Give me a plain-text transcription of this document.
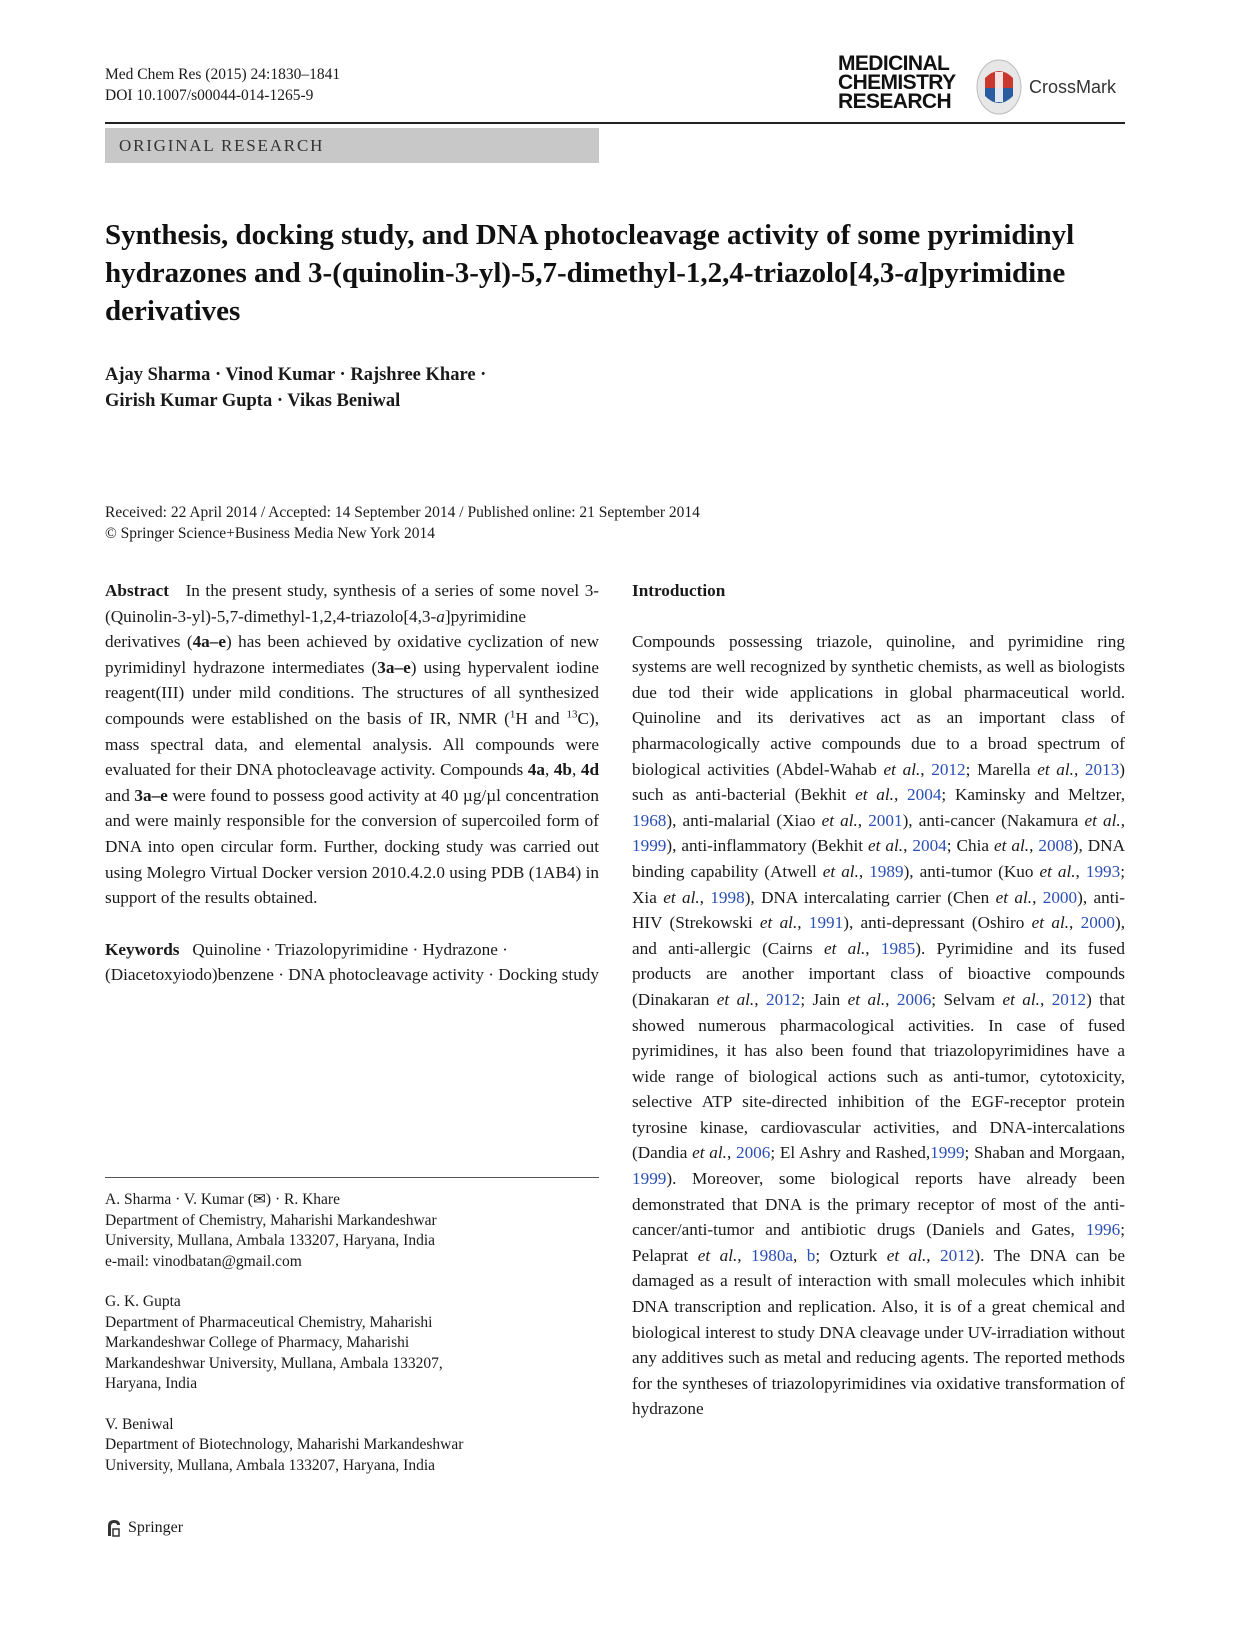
Med Chem Res (2015) 24:1830–1841
DOI 10.1007/s00044-014-1265-9
MEDICINAL
CHEMISTRY
RESEARCH
CrossMark
ORIGINAL RESEARCH
Synthesis, docking study, and DNA photocleavage activity of some pyrimidinyl hydrazones and 3-(quinolin-3-yl)-5,7-dimethyl-1,2,4-triazolo[4,3-a]pyrimidine derivatives
Ajay Sharma · Vinod Kumar · Rajshree Khare ·
Girish Kumar Gupta · Vikas Beniwal
Received: 22 April 2014 / Accepted: 14 September 2014 / Published online: 21 September 2014
© Springer Science+Business Media New York 2014

Abstract In the present study, synthesis of a series of some novel 3-(Quinolin-3-yl)-5,7-dimethyl-1,2,4-triazolo[4,3-a]pyrimidine derivatives (4a–e) has been achieved by oxidative cyclization of new pyrimidinyl hydrazone intermediates (3a–e) using hypervalent iodine reagent(III) under mild conditions. The structures of all synthesized compounds were established on the basis of IR, NMR ($^1$H and $^{13}$C), mass spectral data, and elemental analysis. All compounds were evaluated for their DNA photocleavage activity. Compounds 4a, 4b, 4d and 3a–e were found to possess good activity at 40 µg/µl concentration and were mainly responsible for the conversion of supercoiled form of DNA into open circular form. Further, docking study was carried out using Molegro Virtual Docker version 2010.4.2.0 using PDB (1AB4) in support of the results obtained.

Keywords Quinoline · Triazolopyrimidine · Hydrazone · (Diacetoxyiodo)benzene · DNA photocleavage activity · Docking study

A. Sharma · V. Kumar (✉) · R. Khare
Department of Chemistry, Maharishi Markandeshwar
University, Mullana, Ambala 133207, Haryana, India
e-mail: vinodbatan@gmail.com
G. K. Gupta
Department of Pharmaceutical Chemistry, Maharishi
Markandeshwar College of Pharmacy, Maharishi
Markandeshwar University, Mullana, Ambala 133207,
Haryana, India
V. Beniwal
Department of Biotechnology, Maharishi Markandeshwar
University, Mullana, Ambala 133207, Haryana, India

Introduction

Compounds possessing triazole, quinoline, and pyrimidine ring systems are well recognized by synthetic chemists, as well as biologists due tod their wide applications in global pharmaceutical world. Quinoline and its derivatives act as an important class of pharmacologically active compounds due to a broad spectrum of biological activities (Abdel-Wahab et al., 2012; Marella et al., 2013) such as anti-bacterial (Bekhit et al., 2004; Kaminsky and Meltzer, 1968), anti-malarial (Xiao et al., 2001), anti-cancer (Nakamura et al., 1999), anti-inflammatory (Bekhit et al., 2004; Chia et al., 2008), DNA binding capability (Atwell et al., 1989), anti-tumor (Kuo et al., 1993; Xia et al., 1998), DNA intercalating carrier (Chen et al., 2000), anti-HIV (Strekowski et al., 1991), anti-depressant (Oshiro et al., 2000), and anti-allergic (Cairns et al., 1985). Pyrimidine and its fused products are another important class of bioactive compounds (Dinakaran et al., 2012; Jain et al., 2006; Selvam et al., 2012) that showed numerous pharmacological activities. In case of fused pyrimidines, it has also been found that triazolopyrimidines have a wide range of biological actions such as anti-tumor, cytotoxicity, selective ATP site-directed inhibition of the EGF-receptor protein tyrosine kinase, cardiovascular activities, and DNA-intercalations (Dandia et al., 2006; El Ashry and Rashed,1999; Shaban and Morgaan, 1999). Moreover, some biological reports have already been demonstrated that DNA is the primary receptor of most of the anti-cancer/anti-tumor and antibiotic drugs (Daniels and Gates, 1996; Pelaprat et al., 1980a, b; Ozturk et al., 2012). The DNA can be damaged as a result of interaction with small molecules which inhibit DNA transcription and replication. Also, it is of a great chemical and biological interest to study DNA cleavage under UV-irradiation without any additives such as metal and reducing agents. The reported methods for the syntheses of triazolopyrimidines via oxidative transformation of hydrazone

Springer
